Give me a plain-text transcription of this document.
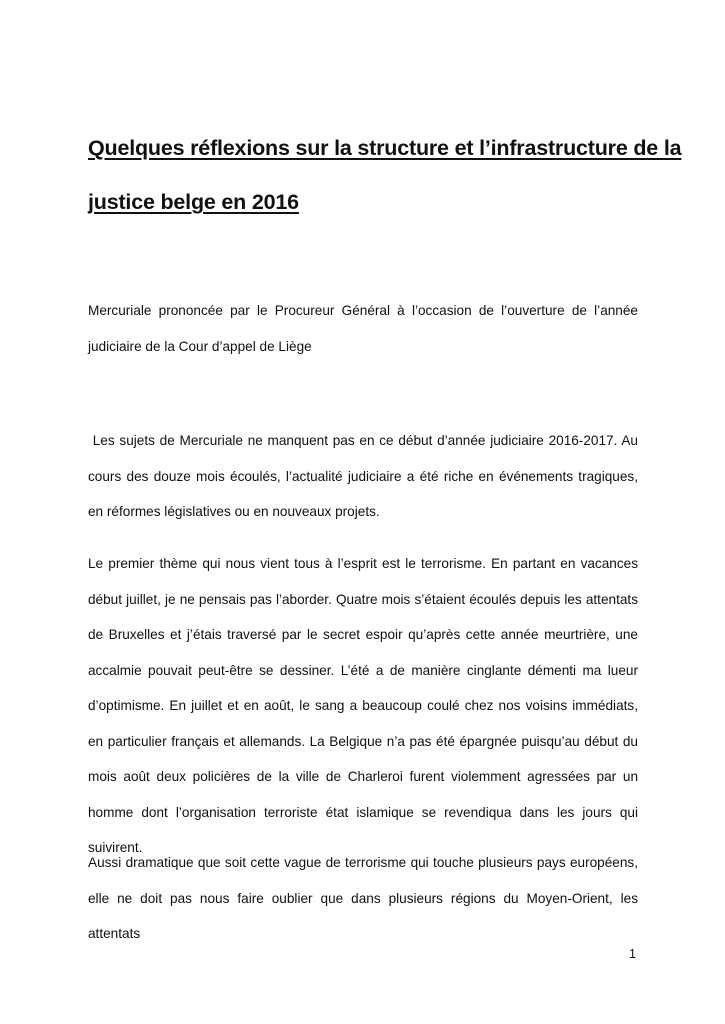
Quelques réflexions sur la structure et l’infrastructure de la
justice belge en 2016

Mercuriale prononcée par le Procureur Général à l’occasion de l’ouverture de l’année judiciaire de la Cour d’appel de Liège

Les sujets de Mercuriale ne manquent pas en ce début d’année judiciaire 2016-2017. Au cours des douze mois écoulés, l’actualité judiciaire a été riche en événements tragiques, en réformes législatives ou en nouveaux projets.

Le premier thème qui nous vient tous à l’esprit est le terrorisme. En partant en vacances début juillet, je ne pensais pas l’aborder. Quatre mois s’étaient écoulés depuis les attentats de Bruxelles et j’étais traversé par le secret espoir qu’après cette année meurtrière, une accalmie pouvait peut-être se dessiner. L’été a de manière cinglante démenti ma lueur d’optimisme. En juillet et en août, le sang a beaucoup coulé chez nos voisins immédiats, en particulier français et allemands. La Belgique n’a pas été épargnée puisqu’au début du mois août deux policières de la ville de Charleroi furent violemment agressées par un homme dont l’organisation terroriste état islamique se revendiqua dans les jours qui suivirent.

Aussi dramatique que soit cette vague de terrorisme qui touche plusieurs pays européens, elle ne doit pas nous faire oublier que dans plusieurs régions du Moyen-Orient, les attentats

1
